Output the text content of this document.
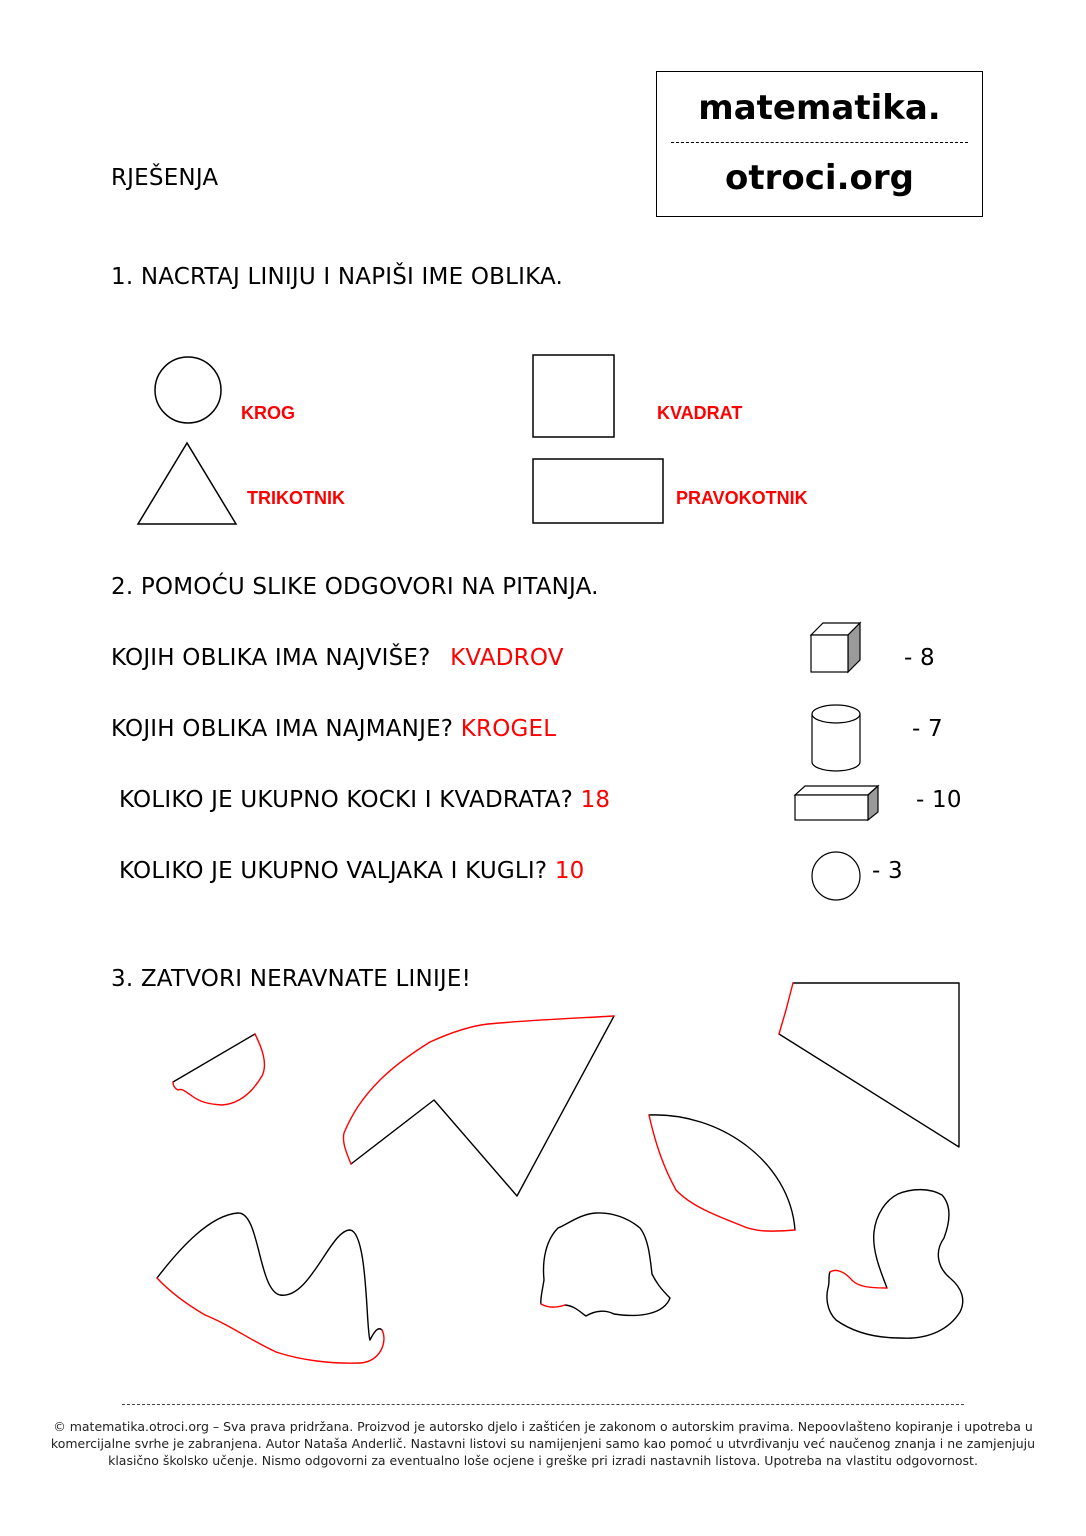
matematika.
otroci.org
RJEŠENJA
1. NACRTAJ LINIJU I NAPIŠI IME OBLIKA.
KROG	KVADRAT
TRIKOTNIK	PRAVOKOTNIK
2. POMOĆU SLIKE ODGOVORI NA PITANJA.
KOJIH OBLIKA IMA NAJVIŠE? KVADROV
KOJIH OBLIKA IMA NAJMANJE? KROGEL
KOLIKO JE UKUPNO KOCKI I KVADRATA? 18
KOLIKO JE UKUPNO VALJAKA I KUGLI? 10
- 8
- 7
- 10
- 3
3. ZATVORI NERAVNATE LINIJE!
© matematika.otroci.org – Sva prava pridržana. Proizvod je autorsko djelo i zaštićen je zakonom o autorskim pravima. Nepoovlašteno kopiranje i upotreba u komercijalne svrhe je zabranjena. Autor Nataša Anderlič. Nastavni listovi su namijenjeni samo kao pomoć u utvrđivanju već naučenog znanja i ne zamjenjuju klasično školsko učenje. Nismo odgovorni za eventualno loše ocjene i greške pri izradi nastavnih listova. Upotreba na vlastitu odgovornost.
